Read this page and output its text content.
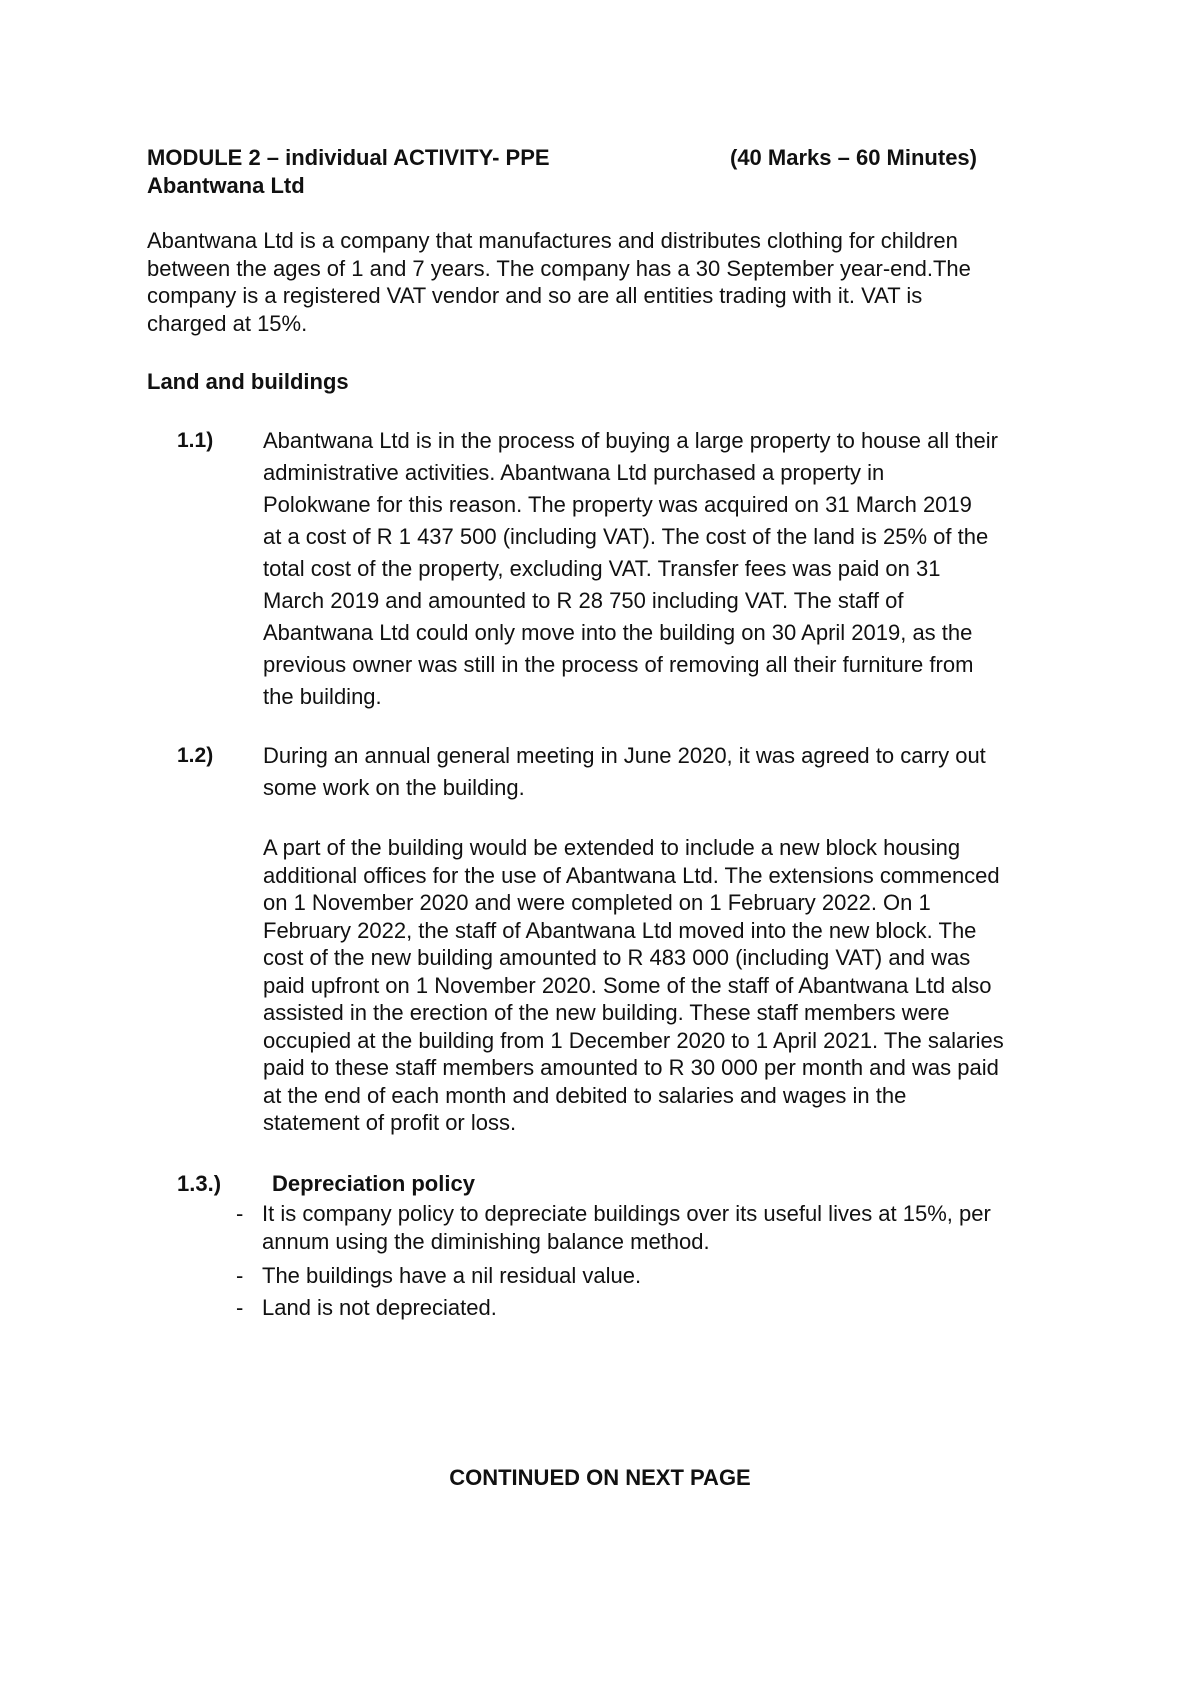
MODULE 2 – individual ACTIVITY- PPE	(40 Marks – 60 Minutes)
Abantwana Ltd
Abantwana Ltd is a company that manufactures and distributes clothing for children
between the ages of 1 and 7 years. The company has a 30 September year-end.The
company is a registered VAT vendor and so are all entities trading with it. VAT is
charged at 15%.
Land and buildings
1.1) Abantwana Ltd is in the process of buying a large property to house all their
administrative activities. Abantwana Ltd purchased a property in
Polokwane for this reason. The property was acquired on 31 March 2019
at a cost of R 1 437 500 (including VAT). The cost of the land is 25% of the
total cost of the property, excluding VAT. Transfer fees was paid on 31
March 2019 and amounted to R 28 750 including VAT. The staff of
Abantwana Ltd could only move into the building on 30 April 2019, as the
previous owner was still in the process of removing all their furniture from
the building.
1.2) During an annual general meeting in June 2020, it was agreed to carry out
some work on the building.
A part of the building would be extended to include a new block housing
additional offices for the use of Abantwana Ltd. The extensions commenced
on 1 November 2020 and were completed on 1 February 2022. On 1
February 2022, the staff of Abantwana Ltd moved into the new block. The
cost of the new building amounted to R 483 000 (including VAT) and was
paid upfront on 1 November 2020. Some of the staff of Abantwana Ltd also
assisted in the erection of the new building. These staff members were
occupied at the building from 1 December 2020 to 1 April 2021. The salaries
paid to these staff members amounted to R 30 000 per month and was paid
at the end of each month and debited to salaries and wages in the
statement of profit or loss.
1.3.) Depreciation policy
- It is company policy to depreciate buildings over its useful lives at 15%, per
annum using the diminishing balance method.
- The buildings have a nil residual value.
- Land is not depreciated.
CONTINUED ON NEXT PAGE
